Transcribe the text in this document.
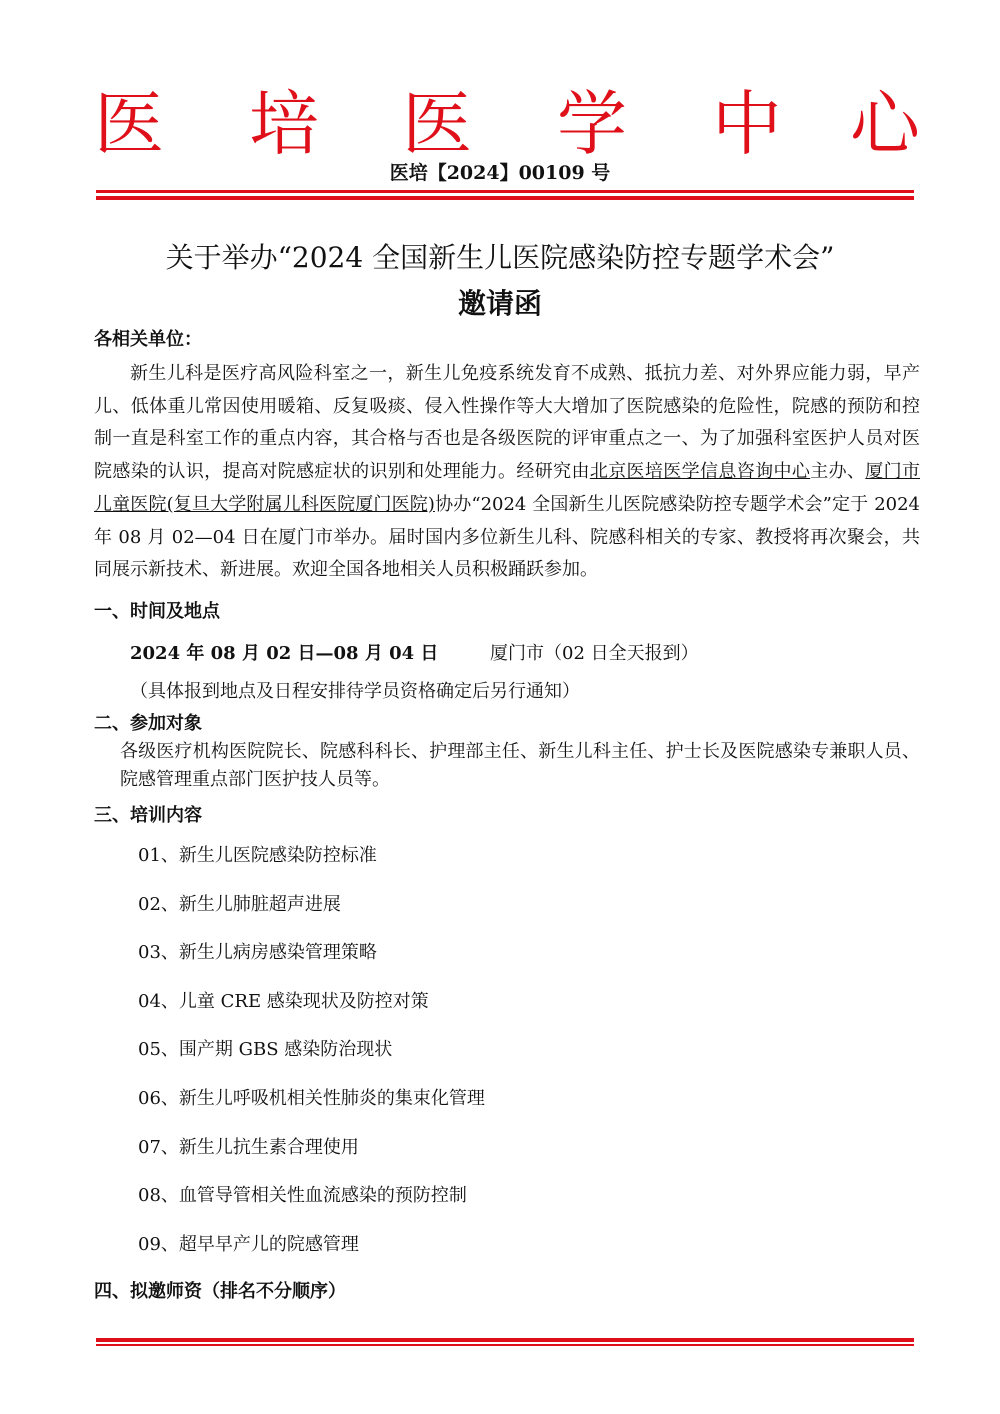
医 培 医 学 中 心
医培【2024】00109 号
关于举办“2024 全国新生儿医院感染防控专题学术会”
邀请函
各相关单位：

新生儿科是医疗高风险科室之一，新生儿免疫系统发育不成熟、抵抗力差、对外界应能力弱，早产儿、低体重儿常因使用暖箱、反复吸痰、侵入性操作等大大增加了医院感染的危险性，院感的预防和控制一直是科室工作的重点内容，其合格与否也是各级医院的评审重点之一、为了加强科室医护人员对医院感染的认识，提高对院感症状的识别和处理能力。经研究由北京医培医学信息咨询中心主办、厦门市儿童医院(复旦大学附属儿科医院厦门医院)协办“2024 全国新生儿医院感染防控专题学术会”定于 2024 年 08 月 02—04 日在厦门市举办。届时国内多位新生儿科、院感科相关的专家、教授将再次聚会，共同展示新技术、新进展。欢迎全国各地相关人员积极踊跃参加。

一、时间及地点
2024 年 08 月 02 日—08 月 04 日	厦门市（02 日全天报到）
（具体报到地点及日程安排待学员资格确定后另行通知）
二、参加对象

各级医疗机构医院院长、院感科科长、护理部主任、新生儿科主任、护士长及医院感染专兼职人员、院感管理重点部门医护技人员等。

三、培训内容
01、新生儿医院感染防控标准
02、新生儿肺脏超声进展
03、新生儿病房感染管理策略
04、儿童 CRE 感染现状及防控对策
05、围产期 GBS 感染防治现状
06、新生儿呼吸机相关性肺炎的集束化管理
07、新生儿抗生素合理使用
08、血管导管相关性血流感染的预防控制
09、超早早产儿的院感管理
四、拟邀师资（排名不分顺序）
